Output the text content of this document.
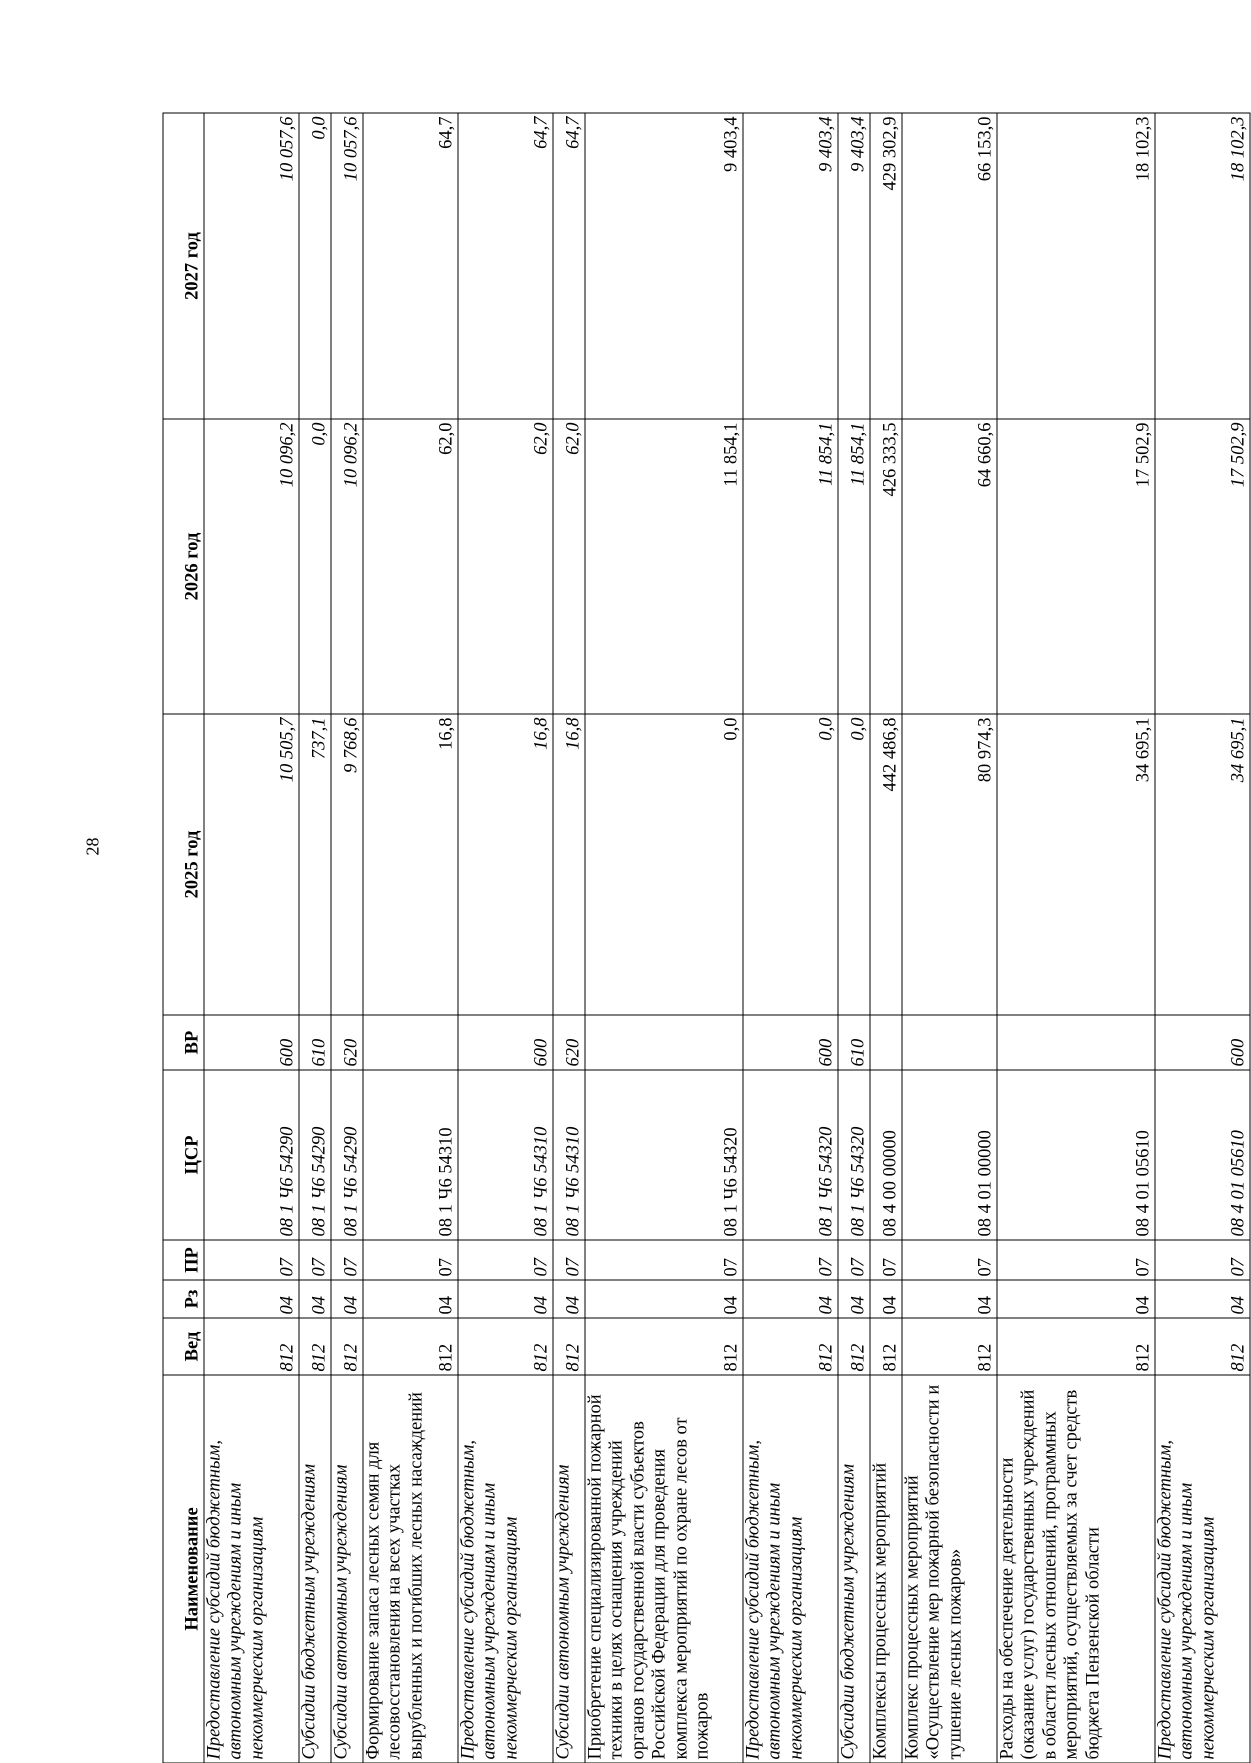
28
Наименование	Вед	Рз	ПР	ЦСР	ВР	2025 год	2026 год	2027 год
Предоставление субсидий бюджетным, автономным учреждениям и иным некоммерческим организациям	812	04	07	08 1 Ч6 54290	600	10 505,7	10 096,2	10 057,6
Субсидии бюджетным учреждениям	812	04	07	08 1 Ч6 54290	610	737,1	0,0	0,0
Субсидии автономным учреждениям	812	04	07	08 1 Ч6 54290	620	9 768,6	10 096,2	10 057,6
Формирование запаса лесных семян для лесовосстановления на всех участках вырубленных и погибших лесных насаждений	812	04	07	08 1 Ч6 54310		16,8	62,0	64,7
Предоставление субсидий бюджетным, автономным учреждениям и иным некоммерческим организациям	812	04	07	08 1 Ч6 54310	600	16,8	62,0	64,7
Субсидии автономным учреждениям	812	04	07	08 1 Ч6 54310	620	16,8	62,0	64,7
Приобретение специализированной пожарной техники в целях оснащения учреждений органов государственной власти субъектов Российской Федерации для проведения комплекса мероприятий по охране лесов от пожаров	812	04	07	08 1 Ч6 54320		0,0	11 854,1	9 403,4
Предоставление субсидий бюджетным, автономным учреждениям и иным некоммерческим организациям	812	04	07	08 1 Ч6 54320	600	0,0	11 854,1	9 403,4
Субсидии бюджетным учреждениям	812	04	07	08 1 Ч6 54320	610	0,0	11 854,1	9 403,4
Комплексы процессных мероприятий	812	04	07	08 4 00 00000		442 486,8	426 333,5	429 302,9
Комплекс процессных мероприятий «Осуществление мер пожарной безопасности и тушение лесных пожаров»	812	04	07	08 4 01 00000		80 974,3	64 660,6	66 153,0
Расходы на обеспечение деятельности (оказание услуг) государственных учреждений в области лесных отношений, программных мероприятий, осуществляемых за счет средств бюджета Пензенской области	812	04	07	08 4 01 05610		34 695,1	17 502,9	18 102,3
Предоставление субсидий бюджетным, автономным учреждениям и иным некоммерческим организациям	812	04	07	08 4 01 05610	600	34 695,1	17 502,9	18 102,3
